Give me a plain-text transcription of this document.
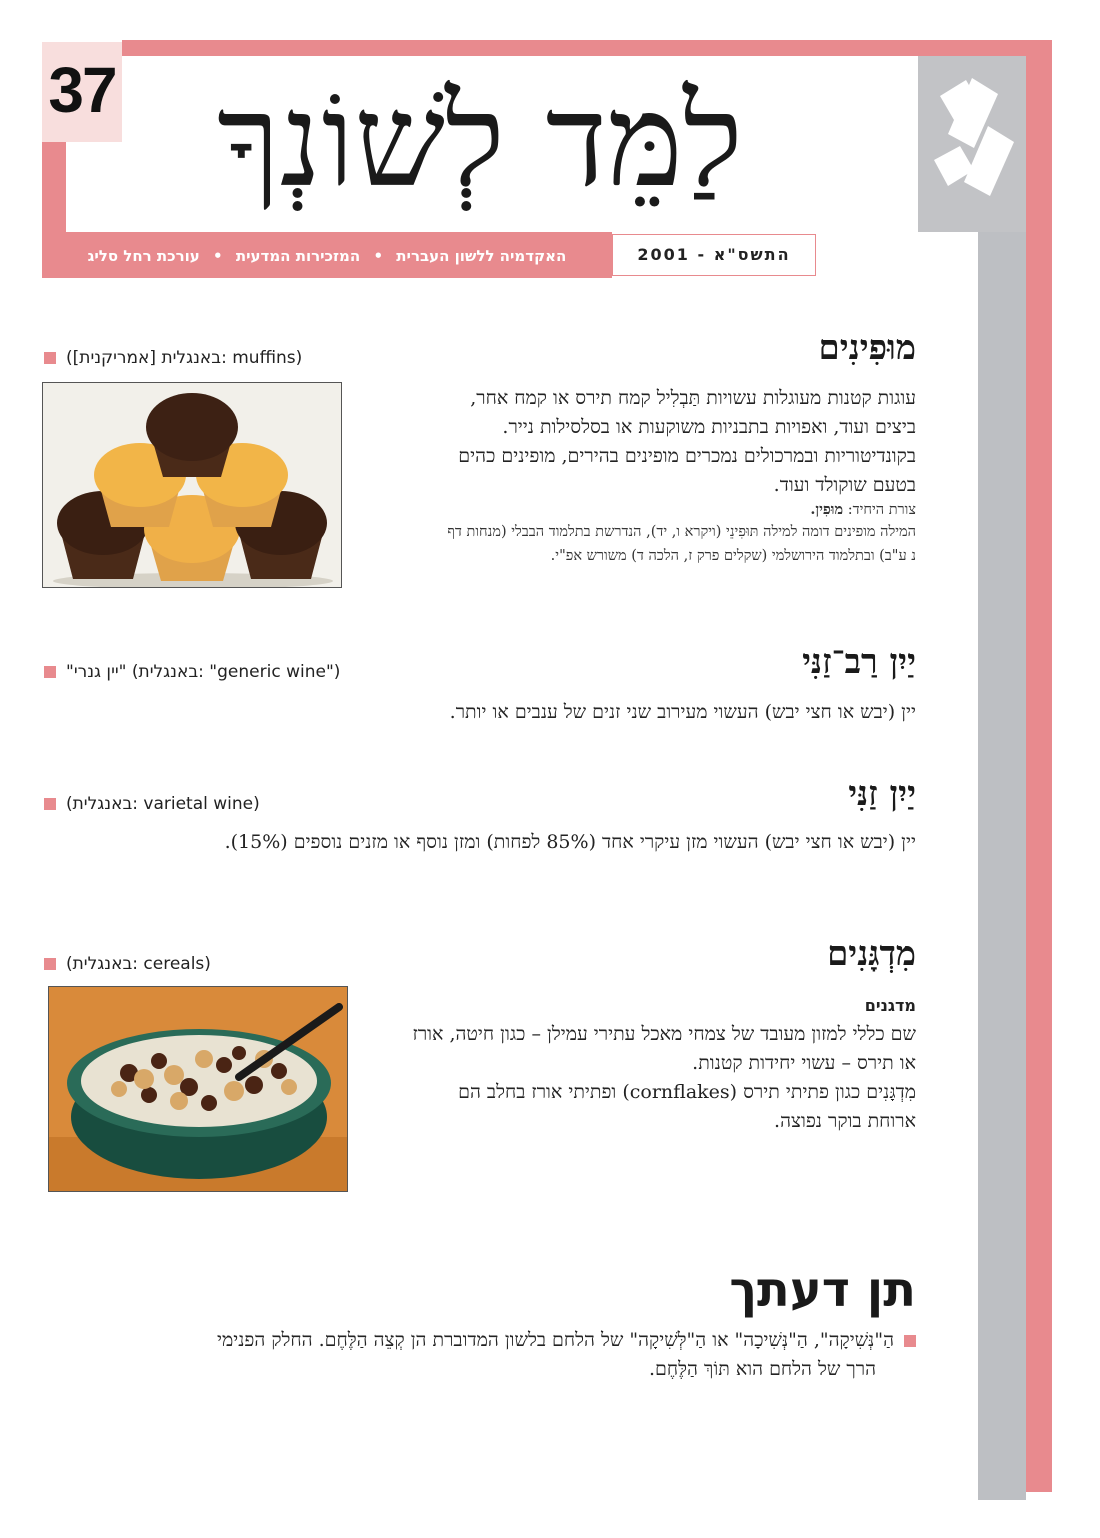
37 לַמֵּד לְשׁוֹנְךָ
התשס"א - 2001
האקדמיה ללשון העברית • המזכירות המדעית • עורכת רחל סליג
מוּפִינִים
(muffins :באנגלית [אמריקנית])
עוגות קטנות מעוגלות עשויות תַּבְלִיל קמח תירס או קמח אחר, ביצים ועוד, ואפויות בתבניות משוקעות או בסלסילות נייר. בקונדיטוריות ובמרכולים נמכרים מופינים בהירים, מופינים כהים בטעם שוקולד ועוד.
צורת היחיד: מוּפִין.
המילה מופינים דומה למילה תּוּפִינֵי (ויקרא ו, יד), הנדרשת בתלמוד הבבלי (מנחות דף נ ע"ב) ובתלמוד הירושלמי (שקלים פרק ז, הלכה ד) משורש אפ"י.
יַיִן רַב־זַנִּי
("generic wine" :באנגלית) "יין גנרי"
יין (יבש או חצי יבש) העשוי מעירוב שני זנים של ענבים או יותר.
יַיִן זַנִּי
(varietal wine :באנגלית)
יין (יבש או חצי יבש) העשוי מזן עיקרי אחד (85% לפחות) ומזן נוסף או מזנים נוספים (15%).
מִדְגָּנִים
(cereals :באנגלית)
מדגנים
שם כללי למזון מעובד של צמחי מאכל עתירי עמילן – כגון חיטה, אורז או תירס – עשוי יחידות קטנות.
מִדְגָּנִים כגון פתיתי תירס (cornflakes) ופתיתי אורז בחלב הם ארוחת בוקר נפוצה.
תן דעתך
הַ"נְּשִׁיקָה", הַ"נְּשִׁיכָה" או הַ"לְּשִׁיקָה" של הלחם בלשון המדוברת הן קְצֵה הַלֶּחֶם. החלק הפנימי
הרך של הלחם הוא תּוֹךְ הַלֶּחֶם.
